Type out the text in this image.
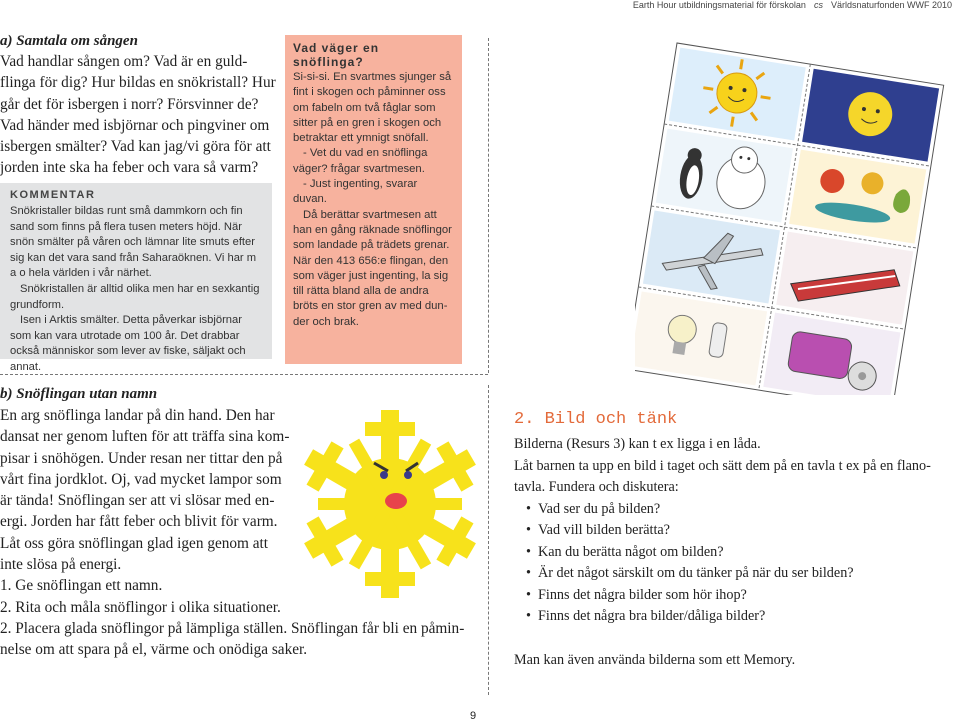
Earth Hour utbildningsmaterial för förskolan cs Världsnaturfonden WWF 2010

a) Samtala om sången

Vad handlar sången om? Vad är en guld-

flinga för dig? Hur bildas en snökristall? Hur

går det för isbergen i norr? Försvinner de?

Vad händer med isbjörnar och pingviner om

isbergen smälter? Vad kan jag/vi göra för att

jorden inte ska ha feber och vara så varm?

KOMMENTAR

Snökristaller bildas runt små dammkorn och fin sand som finns på flera tusen meters höjd. När snön smälter på våren och lämnar lite smuts efter sig kan det vara sand från Saharaöknen. Vi har m a o hela världen i vår närhet.

Snökristallen är alltid olika men har en sexkantig grundform.

Isen i Arktis smälter. Detta påverkar isbjörnar som kan vara utrotade om 100 år. Det drabbar också människor som lever av fiske, säljakt och annat.

Vad väger en snöflinga?

Si-si-si. En svartmes sjunger så fint i skogen och påminner oss om fabeln om två fåglar som sitter på en gren i skogen och betraktar ett ymnigt snöfall.

- Vet du vad en snöflinga väger? frågar svartmesen.

- Just ingenting, svarar duvan.

Då berättar svartmesen att han en gång räknade snöflingor som landade på trädets grenar. När den 413 656:e flingan, den som väger just ingenting, la sig till rätta bland alla de andra bröts en stor gren av med dun-der och brak.

b) Snöflingan utan namn

En arg snöflinga landar på din hand. Den har

dansat ner genom luften för att träffa sina kom-

pisar i snöhögen. Under resan ner tittar den på

vårt fina jordklot. Oj, vad mycket lampor som

är tända! Snöflingan ser att vi slösar med en-

ergi. Jorden har fått feber och blivit för varm.

Låt oss göra snöflingan glad igen genom att

inte slösa på energi.

1. Ge snöflingan ett namn.

2. Rita och måla snöflingor i olika situationer.

2. Placera glada snöflingor på lämpliga ställen. Snöflingan får bli en påmin-

nelse om att spara på el, värme och onödiga saker.

2. Bild och tänk

Bilderna (Resurs 3) kan t ex ligga i en låda.

Låt barnen ta upp en bild i taget och sätt dem på en tavla t ex på en flano-

tavla. Fundera och diskutera:

• Vad ser du på bilden?
• Vad vill bilden berätta?
• Kan du berätta något om bilden?
• Är det något särskilt om du tänker på när du ser bilden?
• Finns det några bilder som hör ihop?
• Finns det några bra bilder/dåliga bilder?

Man kan även använda bilderna som ett Memory.

9
